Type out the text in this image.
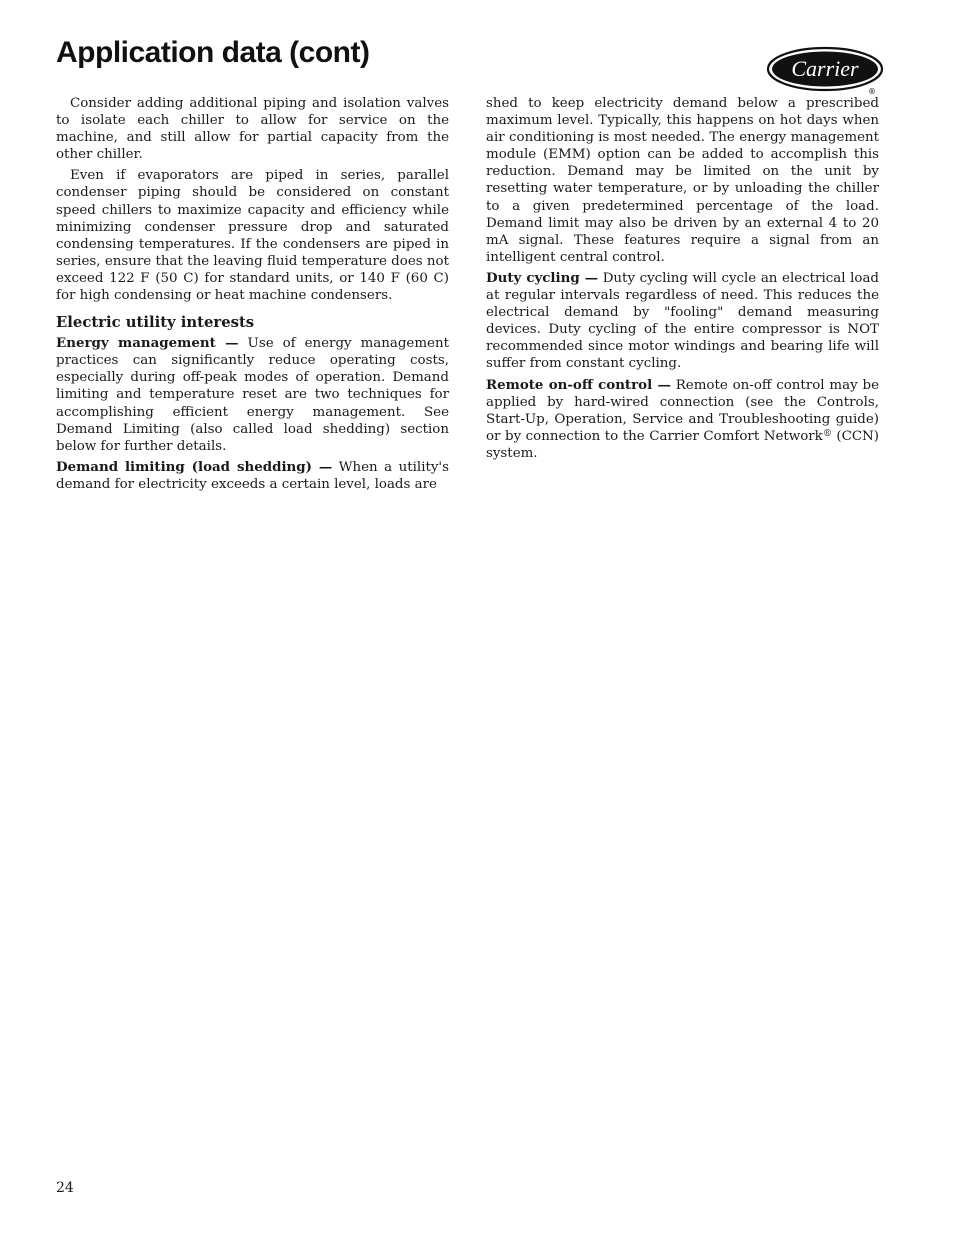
Application data (cont)	Carrier
®

Consider adding additional piping and isolation valves to isolate each chiller to allow for service on the machine, and still allow for partial capacity from the other chiller.

Even if evaporators are piped in series, parallel condenser piping should be considered on constant speed chillers to maximize capacity and efficiency while minimizing condenser pressure drop and saturated condensing temperatures. If the condensers are piped in series, ensure that the leaving fluid temperature does not exceed 122 F (50 C) for standard units, or 140 F (60 C) for high condensing or heat machine condensers.

Electric utility interests

Energy management — Use of energy management practices can significantly reduce operating costs, especially during off-peak modes of operation. Demand limiting and temperature reset are two techniques for accomplishing efficient energy management. See Demand Limiting (also called load shedding) section below for further details.

Demand limiting (load shedding) — When a utility's demand for electricity exceeds a certain level, loads are

shed to keep electricity demand below a prescribed maximum level. Typically, this happens on hot days when air conditioning is most needed. The energy management module (EMM) option can be added to accomplish this reduction. Demand may be limited on the unit by resetting water temperature, or by unloading the chiller to a given predetermined percentage of the load. Demand limit may also be driven by an external 4 to 20 mA signal. These features require a signal from an intelligent central control.

Duty cycling — Duty cycling will cycle an electrical load at regular intervals regardless of need. This reduces the electrical demand by "fooling" demand measuring devices. Duty cycling of the entire compressor is NOT recommended since motor windings and bearing life will suffer from constant cycling.

Remote on-off control — Remote on-off control may be applied by hard-wired connection (see the Controls, Start-Up, Operation, Service and Troubleshooting guide) or by connection to the Carrier Comfort Network® (CCN) system.

24
